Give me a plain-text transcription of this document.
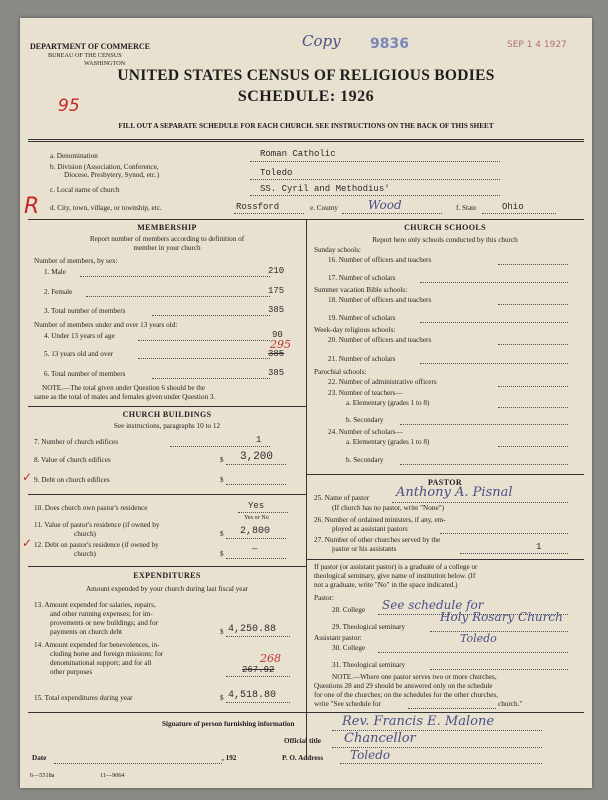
DEPARTMENT OF COMMERCE
BUREAU OF THE CENSUS
WASHINGTON
Copy 9836	SEP 1 4 1927
UNITED STATES CENSUS OF RELIGIOUS BODIES
SCHEDULE: 1926
95
FILL OUT A SEPARATE SCHEDULE FOR EACH CHURCH. SEE INSTRUCTIONS ON THE BACK OF THIS SHEET
a. Denomination	Roman Catholic
b. Division (Association, Conference,
Diocese, Presbytery, Synod, etc.)	Toledo
c. Local name of church	SS. Cyril and Methodius'
R d. City, town, village, or township, etc.	Rossford	e. County	Wood	f. State	Ohio
MEMBERSHIP
Report number of members according to definition of
member in your church
Number of members, by sex:
1. Male	210
2. Female	175
3. Total number of members	385
Number of members under and over 13 years old:
4. Under 13 years of age	90
295
5. 13 years old and over	385
6. Total number of members	385
NOTE.—The total given under Question 6 should be the
same as the total of males and females given under Question 3.
CHURCH BUILDINGS
See instructions, paragraphs 10 to 12
7. Number of church edifices	1
8. Value of church edifices	$ 3,200
✓ 9. Debt on church edifices	$
10. Does church own pastor's residence	Yes
Yes or No
11. Value of pastor's residence (if owned by
church)	$ 2,800
✓ 12. Debt on pastor's residence (if owned by
church)	$	—
EXPENDITURES
Amount expended by your church during last fiscal year
13. Amount expended for salaries, repairs,
and other running expenses; for im-
provements or new buildings; and for
payments on church debt	$ 4,250.88
14. Amount expended for benevolences, in-
cluding home and foreign missions; for
denominational support; and for all	268
other purposes	267.92
15. Total expenditures during year	$ 4,518.80
CHURCH SCHOOLS
Report here only schools conducted by this church
Sunday schools:
16. Number of officers and teachers
17. Number of scholars
Summer vacation Bible schools:
18. Number of officers and teachers
19. Number of scholars
Week-day religious schools:
20. Number of officers and teachers
21. Number of scholars
Parochial schools:
22. Number of administrative officers
23. Number of teachers—
a. Elementary (grades 1 to 8)
b. Secondary
24. Number of scholars—
a. Elementary (grades 1 to 8)
b. Secondary
PASTOR
25. Name of pastor Anthony A. Pisnal
(If church has no pastor, write "None")
26. Number of ordained ministers, if any, em-
ployed as assistant pastors
27. Number of other churches served by the
pastor or his assistants	1
If pastor (or assistant pastor) is a graduate of a college or
theological seminary, give name of institution below. (If
not a graduate, write "No" in the space indicated.)
Pastor:
28. College See schedule for
29. Theological seminary
Holy Rosary Church
Assistant pastor:
30. College
Toledo
31. Theological seminary
NOTE.—Where one pastor serves two or more churches,
Questions 28 and 29 should be answered only on the schedule
for one of the churches; on the schedules for the other churches,
write "See schedule for	church."
Signature of person furnishing information	Rev. Francis E. Malone
Official title Chancellor
Date	, 192	P. O. Address Toledo
6—5518a	11—9064
